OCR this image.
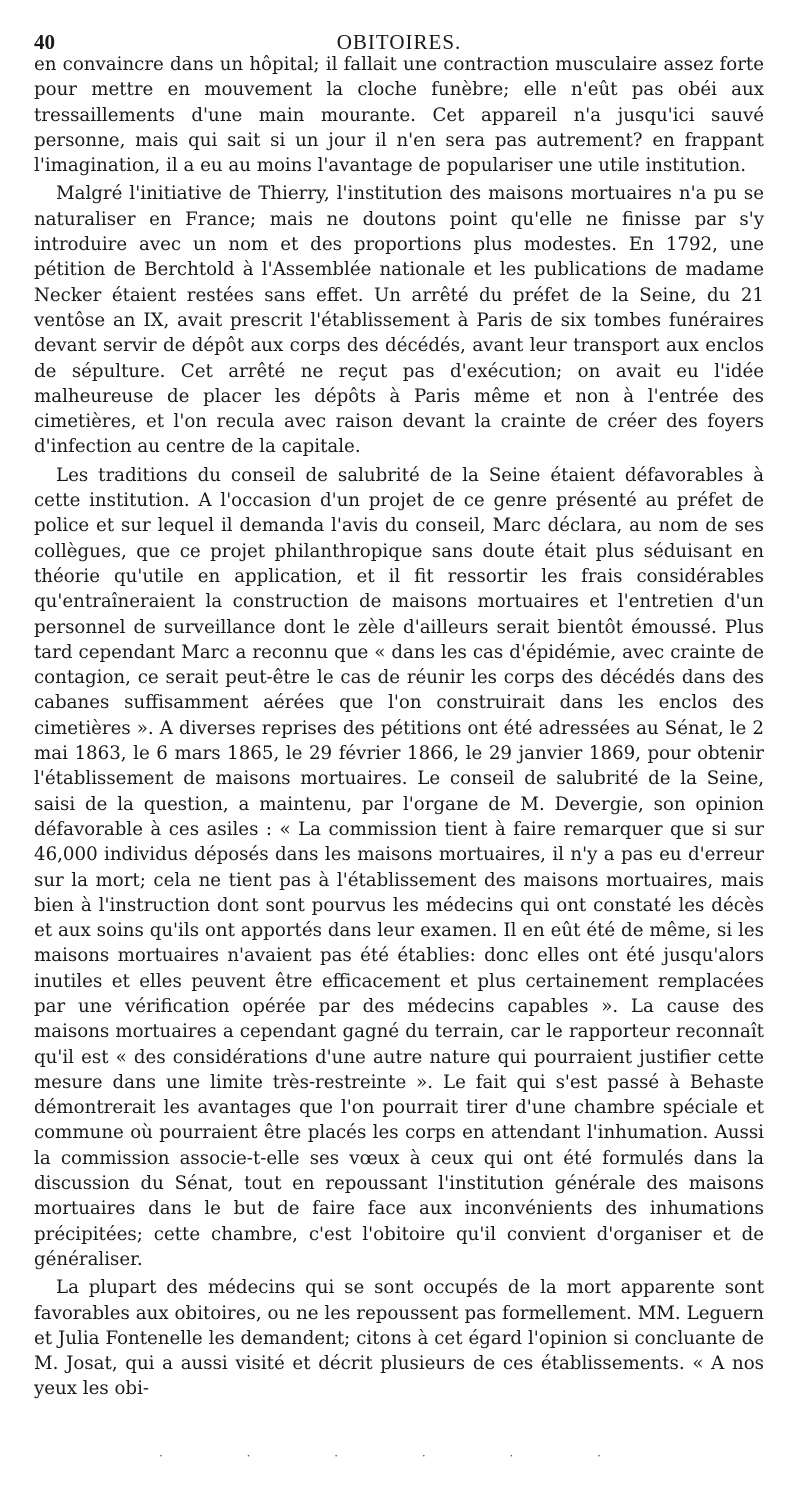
40	OBITOIRES.

en convaincre dans un hôpital; il fallait une contraction musculaire assez forte pour mettre en mouvement la cloche funèbre; elle n'eût pas obéi aux tressaillements d'une main mourante. Cet appareil n'a jusqu'ici sauvé personne, mais qui sait si un jour il n'en sera pas autrement? en frappant l'imagination, il a eu au moins l'avantage de populariser une utile institution.

Malgré l'initiative de Thierry, l'institution des maisons mortuaires n'a pu se naturaliser en France; mais ne doutons point qu'elle ne finisse par s'y introduire avec un nom et des proportions plus modestes. En 1792, une pétition de Berchtold à l'Assemblée nationale et les publications de madame Necker étaient restées sans effet. Un arrêté du préfet de la Seine, du 21 ventôse an IX, avait prescrit l'établissement à Paris de six tombes funéraires devant servir de dépôt aux corps des décédés, avant leur transport aux enclos de sépulture. Cet arrêté ne reçut pas d'exécution; on avait eu l'idée malheureuse de placer les dépôts à Paris même et non à l'entrée des cimetières, et l'on recula avec raison devant la crainte de créer des foyers d'infection au centre de la capitale.

Les traditions du conseil de salubrité de la Seine étaient défavorables à cette institution. A l'occasion d'un projet de ce genre présenté au préfet de police et sur lequel il demanda l'avis du conseil, Marc déclara, au nom de ses collègues, que ce projet philanthropique sans doute était plus séduisant en théorie qu'utile en application, et il fit ressortir les frais considérables qu'entraîneraient la construction de maisons mortuaires et l'entretien d'un personnel de surveillance dont le zèle d'ailleurs serait bientôt émoussé. Plus tard cependant Marc a reconnu que « dans les cas d'épidémie, avec crainte de contagion, ce serait peut-être le cas de réunir les corps des décédés dans des cabanes suffisamment aérées que l'on construirait dans les enclos des cimetières ». A diverses reprises des pétitions ont été adressées au Sénat, le 2 mai 1863, le 6 mars 1865, le 29 février 1866, le 29 janvier 1869, pour obtenir l'établissement de maisons mortuaires. Le conseil de salubrité de la Seine, saisi de la question, a maintenu, par l'organe de M. Devergie, son opinion défavorable à ces asiles : « La commission tient à faire remarquer que si sur 46,000 individus déposés dans les maisons mortuaires, il n'y a pas eu d'erreur sur la mort; cela ne tient pas à l'établissement des maisons mortuaires, mais bien à l'instruction dont sont pourvus les médecins qui ont constaté les décès et aux soins qu'ils ont apportés dans leur examen. Il en eût été de même, si les maisons mortuaires n'avaient pas été établies: donc elles ont été jusqu'alors inutiles et elles peuvent être efficacement et plus certainement remplacées par une vérification opérée par des médecins capables ». La cause des maisons mortuaires a cependant gagné du terrain, car le rapporteur reconnaît qu'il est « des considérations d'une autre nature qui pourraient justifier cette mesure dans une limite très-restreinte ». Le fait qui s'est passé à Behaste démontrerait les avantages que l'on pourrait tirer d'une chambre spéciale et commune où pourraient être placés les corps en attendant l'inhumation. Aussi la commission associe-t-elle ses vœux à ceux qui ont été formulés dans la discussion du Sénat, tout en repoussant l'institution générale des maisons mortuaires dans le but de faire face aux inconvénients des inhumations précipitées; cette chambre, c'est l'obitoire qu'il convient d'organiser et de généraliser.

La plupart des médecins qui se sont occupés de la mort apparente sont favorables aux obitoires, ou ne les repoussent pas formellement. MM. Leguern et Julia Fontenelle les demandent; citons à cet égard l'opinion si concluante de M. Josat, qui a aussi visité et décrit plusieurs de ces établissements. « A nos yeux les obi-

· · · · · ·
